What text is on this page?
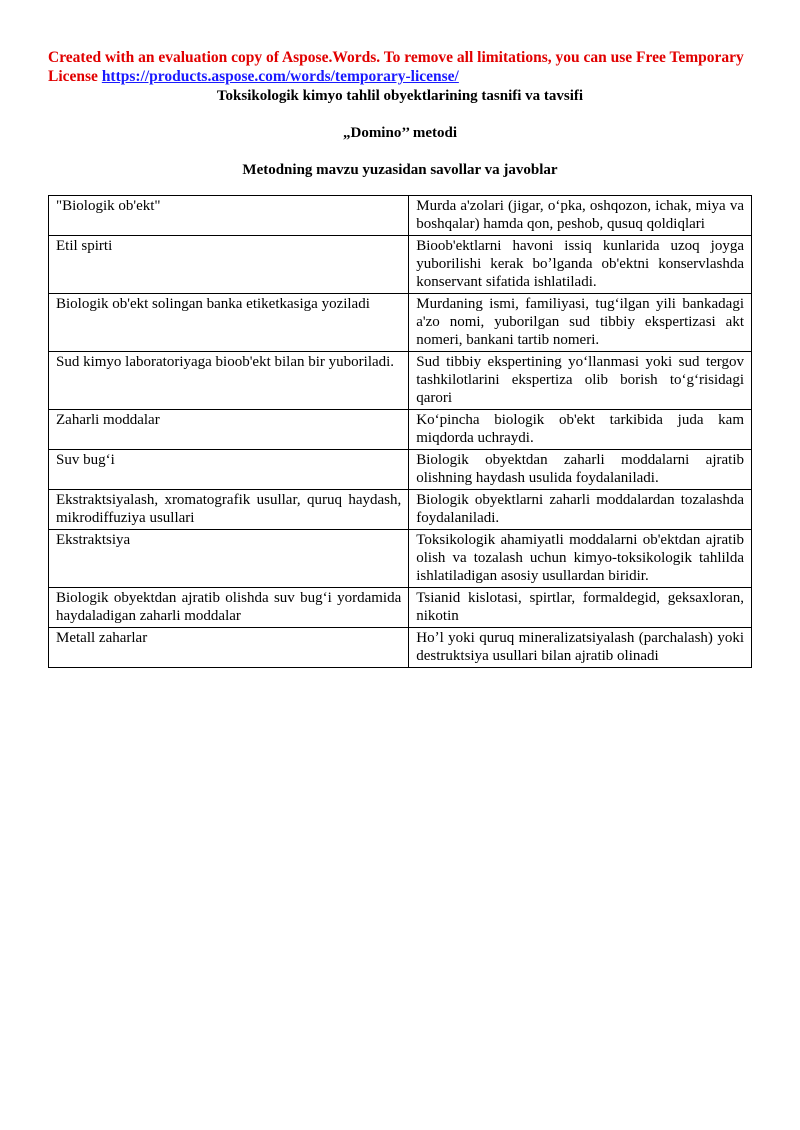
Created with an evaluation copy of Aspose.Words. To remove all limitations, you can use Free Temporary License https://products.aspose.com/words/temporary-license/
Toksikologik kimyo tahlil obyektlarining tasnifi va tavsifi
„Domino’’ metodi
Metodning mavzu yuzasidan savollar va javoblar
"Biologik ob'ekt"	Murda a'zolari (jigar, oʻpka, oshqozon, ichak, miya va boshqalar) hamda qon, peshob, qusuq qoldiqlari
Etil spirti	Bioob'ektlarni havoni issiq kunlarida uzoq joyga yuborilishi kerak boʼlganda ob'ektni konservlashda konservant sifatida ishlatiladi.
Biologik ob'ekt solingan banka etiketkasiga yoziladi	Murdaning ismi, familiyasi, tugʻilgan yili bankadagi a'zo nomi, yuborilgan sud tibbiy ekspertizasi akt nomeri, bankani tartib nomeri.
Sud kimyo laboratoriyaga bioob'ekt bilan bir yuboriladi.	Sud tibbiy ekspertining yoʻllanmasi yoki sud tergov tashkilotlarini ekspertiza olib borish toʻgʻrisidagi qarori
Zaharli moddalar	Koʻpincha biologik ob'ekt tarkibida juda kam miqdorda uchraydi.
Suv bugʻi	Biologik obyektdan zaharli moddalarni ajratib olishning haydash usulida foydalaniladi.
Ekstraktsiyalash, xromatografik usullar, quruq haydash, mikrodiffuziya usullari	Biologik obyektlarni zaharli moddalardan tozalashda foydalaniladi.
Ekstraktsiya	Toksikologik ahamiyatli moddalarni ob'ektdan ajratib olish va tozalash uchun kimyo-toksikologik tahlilda ishlatiladigan asosiy usullardan biridir.
Biologik obyektdan ajratib olishda suv bugʻi yordamida haydaladigan zaharli moddalar	Tsianid kislotasi, spirtlar, formaldegid, geksaxloran, nikotin
Metall zaharlar	Hoʼl yoki quruq mineralizatsiyalash (parchalash) yoki destruktsiya usullari bilan ajratib olinadi
